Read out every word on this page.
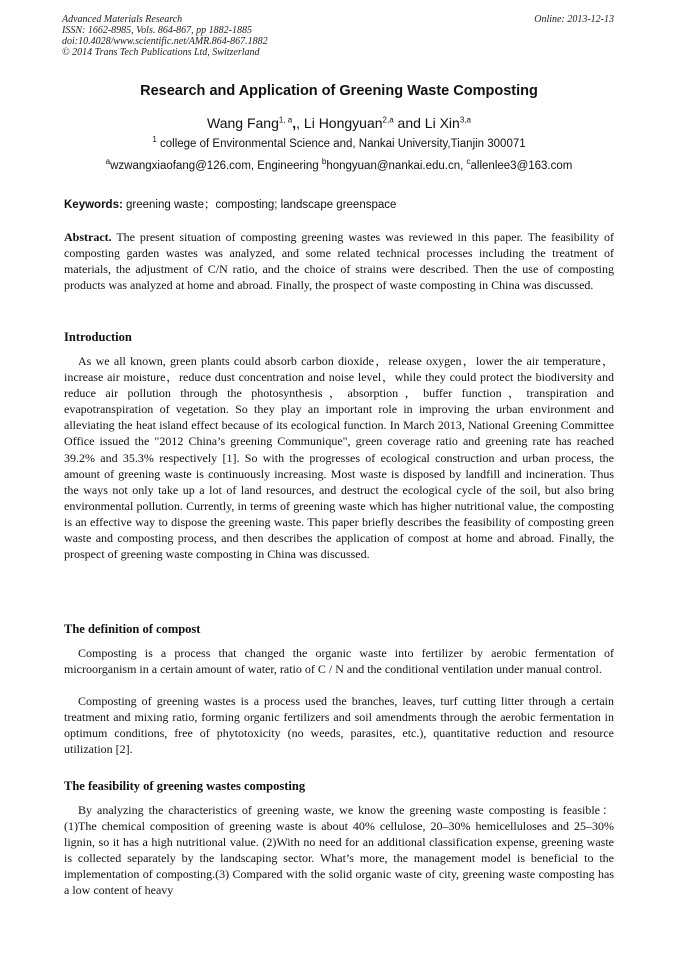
Advanced Materials Research
ISSN: 1662-8985, Vols. 864-867, pp 1882-1885
doi:10.4028/www.scientific.net/AMR.864-867.1882
© 2014 Trans Tech Publications Ltd, Switzerland
Online: 2013-12-13
Research and Application of Greening Waste Composting
Wang Fang$^{1, a}$,, Li Hongyuan$^{2,a}$ and Li Xin$^{3,a}$
$^1$ college of Environmental Science and, Nankai University,Tianjin 300071
$^a$wzwangxiaofang@126.com, Engineering $^b$hongyuan@nankai.edu.cn, $^c$allenlee3@163.com
Keywords: greening waste；composting; landscape greenspace
Abstract. The present situation of composting greening wastes was reviewed in this paper. The feasibility of composting garden wastes was analyzed, and some related technical processes including the treatment of materials, the adjustment of C/N ratio, and the choice of strains were described. Then the use of composting products was analyzed at home and abroad. Finally, the prospect of waste composting in China was discussed.
Introduction
As we all known, green plants could absorb carbon dioxide，release oxygen，lower the air temperature，increase air moisture，reduce dust concentration and noise level，while they could protect the biodiversity and reduce air pollution through the photosynthesis，absorption，buffer function，transpiration and evapotranspiration of vegetation. So they play an important role in improving the urban environment and alleviating the heat island effect because of its ecological function. In March 2013, National Greening Committee Office issued the "2012 China’s greening Communique", green coverage ratio and greening rate has reached 39.2% and 35.3% respectively [1]. So with the progresses of ecological construction and urban process, the amount of greening waste is continuously increasing. Most waste is disposed by landfill and incineration. Thus the ways not only take up a lot of land resources, and destruct the ecological cycle of the soil, but also bring environmental pollution. Currently, in terms of greening waste which has higher nutritional value, the composting is an effective way to dispose the greening waste. This paper briefly describes the feasibility of composting green waste and composting process, and then describes the application of compost at home and abroad. Finally, the prospect of greening waste composting in China was discussed.
The definition of compost
Composting is a process that changed the organic waste into fertilizer by aerobic fermentation of microorganism in a certain amount of water, ratio of C / N and the conditional ventilation under manual control.
Composting of greening wastes is a process used the branches, leaves, turf cutting litter through a certain treatment and mixing ratio, forming organic fertilizers and soil amendments through the aerobic fermentation in optimum conditions, free of phytotoxicity (no weeds, parasites, etc.), quantitative reduction and resource utilization [2].
The feasibility of greening wastes composting
By analyzing the characteristics of greening waste, we know the greening waste composting is feasible：(1)The chemical composition of greening waste is about 40% cellulose, 20–30% hemicelluloses and 25–30% lignin, so it has a high nutritional value. (2)With no need for an additional classification expense, greening waste is collected separately by the landscaping sector. What’s more, the management model is beneficial to the implementation of composting.(3) Compared with the solid organic waste of city, greening waste composting has a low content of heavy
